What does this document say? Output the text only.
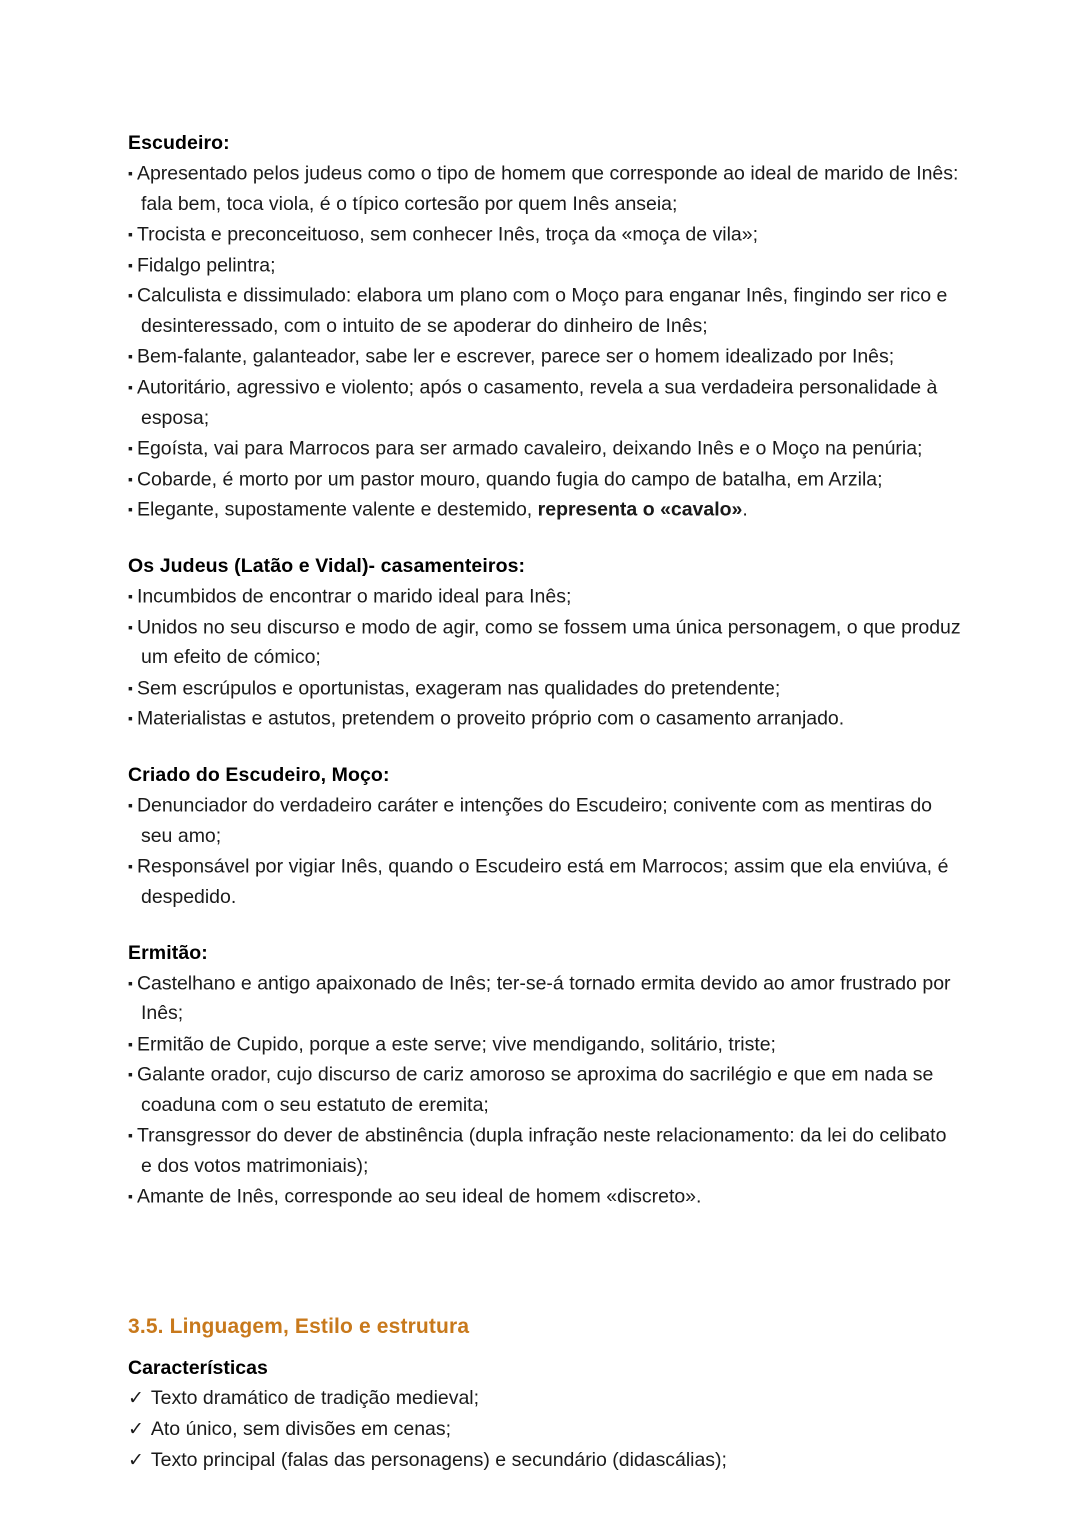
Escudeiro:
▪ Apresentado pelos judeus como o tipo de homem que corresponde ao ideal de marido de Inês: fala bem, toca viola, é o típico cortesão por quem Inês anseia;
▪ Trocista e preconceituoso, sem conhecer Inês, troça da «moça de vila»;
▪ Fidalgo pelintra;
▪ Calculista e dissimulado: elabora um plano com o Moço para enganar Inês, fingindo ser rico e desinteressado, com o intuito de se apoderar do dinheiro de Inês;
▪ Bem-falante, galanteador, sabe ler e escrever, parece ser o homem idealizado por Inês;
▪ Autoritário, agressivo e violento; após o casamento, revela a sua verdadeira personalidade à esposa;
▪ Egoísta, vai para Marrocos para ser armado cavaleiro, deixando Inês e o Moço na penúria;
▪ Cobarde, é morto por um pastor mouro, quando fugia do campo de batalha, em Arzila;
▪ Elegante, supostamente valente e destemido, representa o «cavalo».
Os Judeus (Latão e Vidal)- casamenteiros:
▪ Incumbidos de encontrar o marido ideal para Inês;
▪ Unidos no seu discurso e modo de agir, como se fossem uma única personagem, o que produz um efeito de cómico;
▪ Sem escrúpulos e oportunistas, exageram nas qualidades do pretendente;
▪ Materialistas e astutos, pretendem o proveito próprio com o casamento arranjado.
Criado do Escudeiro, Moço:
▪ Denunciador do verdadeiro caráter e intenções do Escudeiro; conivente com as mentiras do seu amo;
▪ Responsável por vigiar Inês, quando o Escudeiro está em Marrocos; assim que ela enviúva, é despedido.
Ermitão:
▪ Castelhano e antigo apaixonado de Inês; ter-se-á tornado ermita devido ao amor frustrado por Inês;
▪ Ermitão de Cupido, porque a este serve; vive mendigando, solitário, triste;
▪ Galante orador, cujo discurso de cariz amoroso se aproxima do sacrilégio e que em nada se coaduna com o seu estatuto de eremita;
▪ Transgressor do dever de abstinência (dupla infração neste relacionamento: da lei do celibato e dos votos matrimoniais);
▪ Amante de Inês, corresponde ao seu ideal de homem «discreto».
3.5. Linguagem, Estilo e estrutura
Características
✓ Texto dramático de tradição medieval;
✓ Ato único, sem divisões em cenas;
✓ Texto principal (falas das personagens) e secundário (didascálias);
